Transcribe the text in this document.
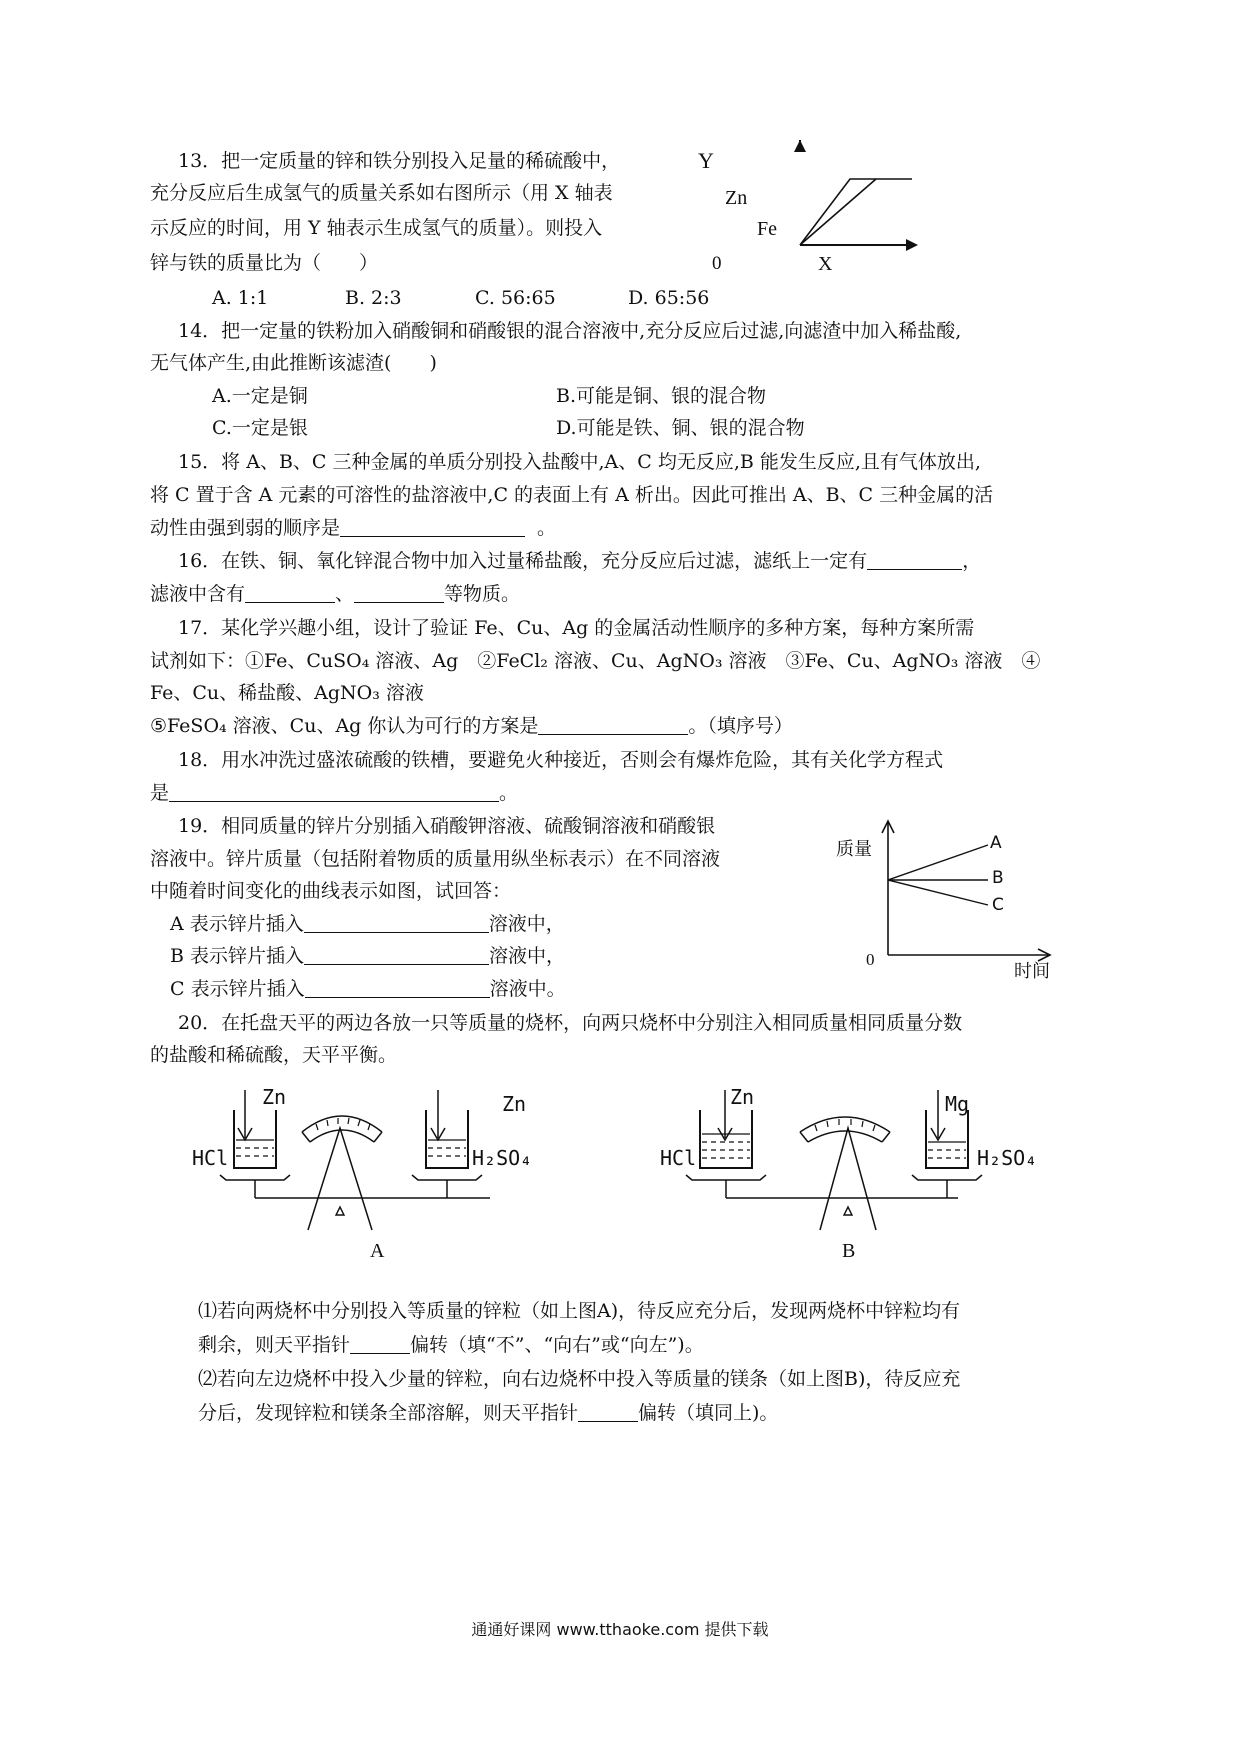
13．把一定质量的锌和铁分别投入足量的稀硫酸中，
充分反应后生成氢气的质量关系如右图所示（用 X 轴表
示反应的时间，用 Y 轴表示生成氢气的质量）。则投入
锌与铁的质量比为（　　）
A. 1:1	B. 2:3	C. 56:65	D. 65:56
Y
Zn
Fe
0	X
14．把一定量的铁粉加入硝酸铜和硝酸银的混合溶液中,充分反应后过滤,向滤渣中加入稀盐酸,
无气体产生,由此推断该滤渣(　　)
A.一定是铜	B.可能是铜、银的混合物
C.一定是银	D.可能是铁、铜、银的混合物
15．将 A、B、C 三种金属的单质分别投入盐酸中,A、C 均无反应,B 能发生反应,且有气体放出,
将 C 置于含 A 元素的可溶性的盐溶液中,C 的表面上有 A 析出。因此可推出 A、B、C 三种金属的活
动性由强到弱的顺序是	。
16．在铁、铜、氧化锌混合物中加入过量稀盐酸，充分反应后过滤，滤纸上一定有	，
滤液中含有	、	等物质。
17．某化学兴趣小组，设计了验证 Fe、Cu、Ag 的金属活动性顺序的多种方案，每种方案所需
试剂如下：①Fe、CuSO₄ 溶液、Ag　②FeCl₂ 溶液、Cu、AgNO₃ 溶液　③Fe、Cu、AgNO₃ 溶液　④
Fe、Cu、稀盐酸、AgNO₃ 溶液
⑤FeSO₄ 溶液、Cu、Ag 你认为可行的方案是	。（填序号）
18．用水冲洗过盛浓硫酸的铁槽，要避免火种接近，否则会有爆炸危险，其有关化学方程式
是	。
19．相同质量的锌片分别插入硝酸钾溶液、硫酸铜溶液和硝酸银
溶液中。锌片质量（包括附着物质的质量用纵坐标表示）在不同溶液
中随着时间变化的曲线表示如图，试回答：
A 表示锌片插入	溶液中，
B 表示锌片插入	溶液中，
C 表示锌片插入	溶液中。
质量	A
B
C
0
时间
20．在托盘天平的两边各放一只等质量的烧杯，向两只烧杯中分别注入相同质量相同质量分数
的盐酸和稀硫酸，天平平衡。
Zn	Zn
HCl	H₂SO₄
A
Zn	Mg
HCl	H₂SO₄
B
⑴若向两烧杯中分别投入等质量的锌粒（如上图A)，待反应充分后，发现两烧杯中锌粒均有
剩余，则天平指针	偏转（填“不”、“向右”或“向左”)。
⑵若向左边烧杯中投入少量的锌粒，向右边烧杯中投入等质量的镁条（如上图B)，待反应充
分后，发现锌粒和镁条全部溶解，则天平指针	偏转（填同上)。
通通好课网 www.tthaoke.com 提供下载
